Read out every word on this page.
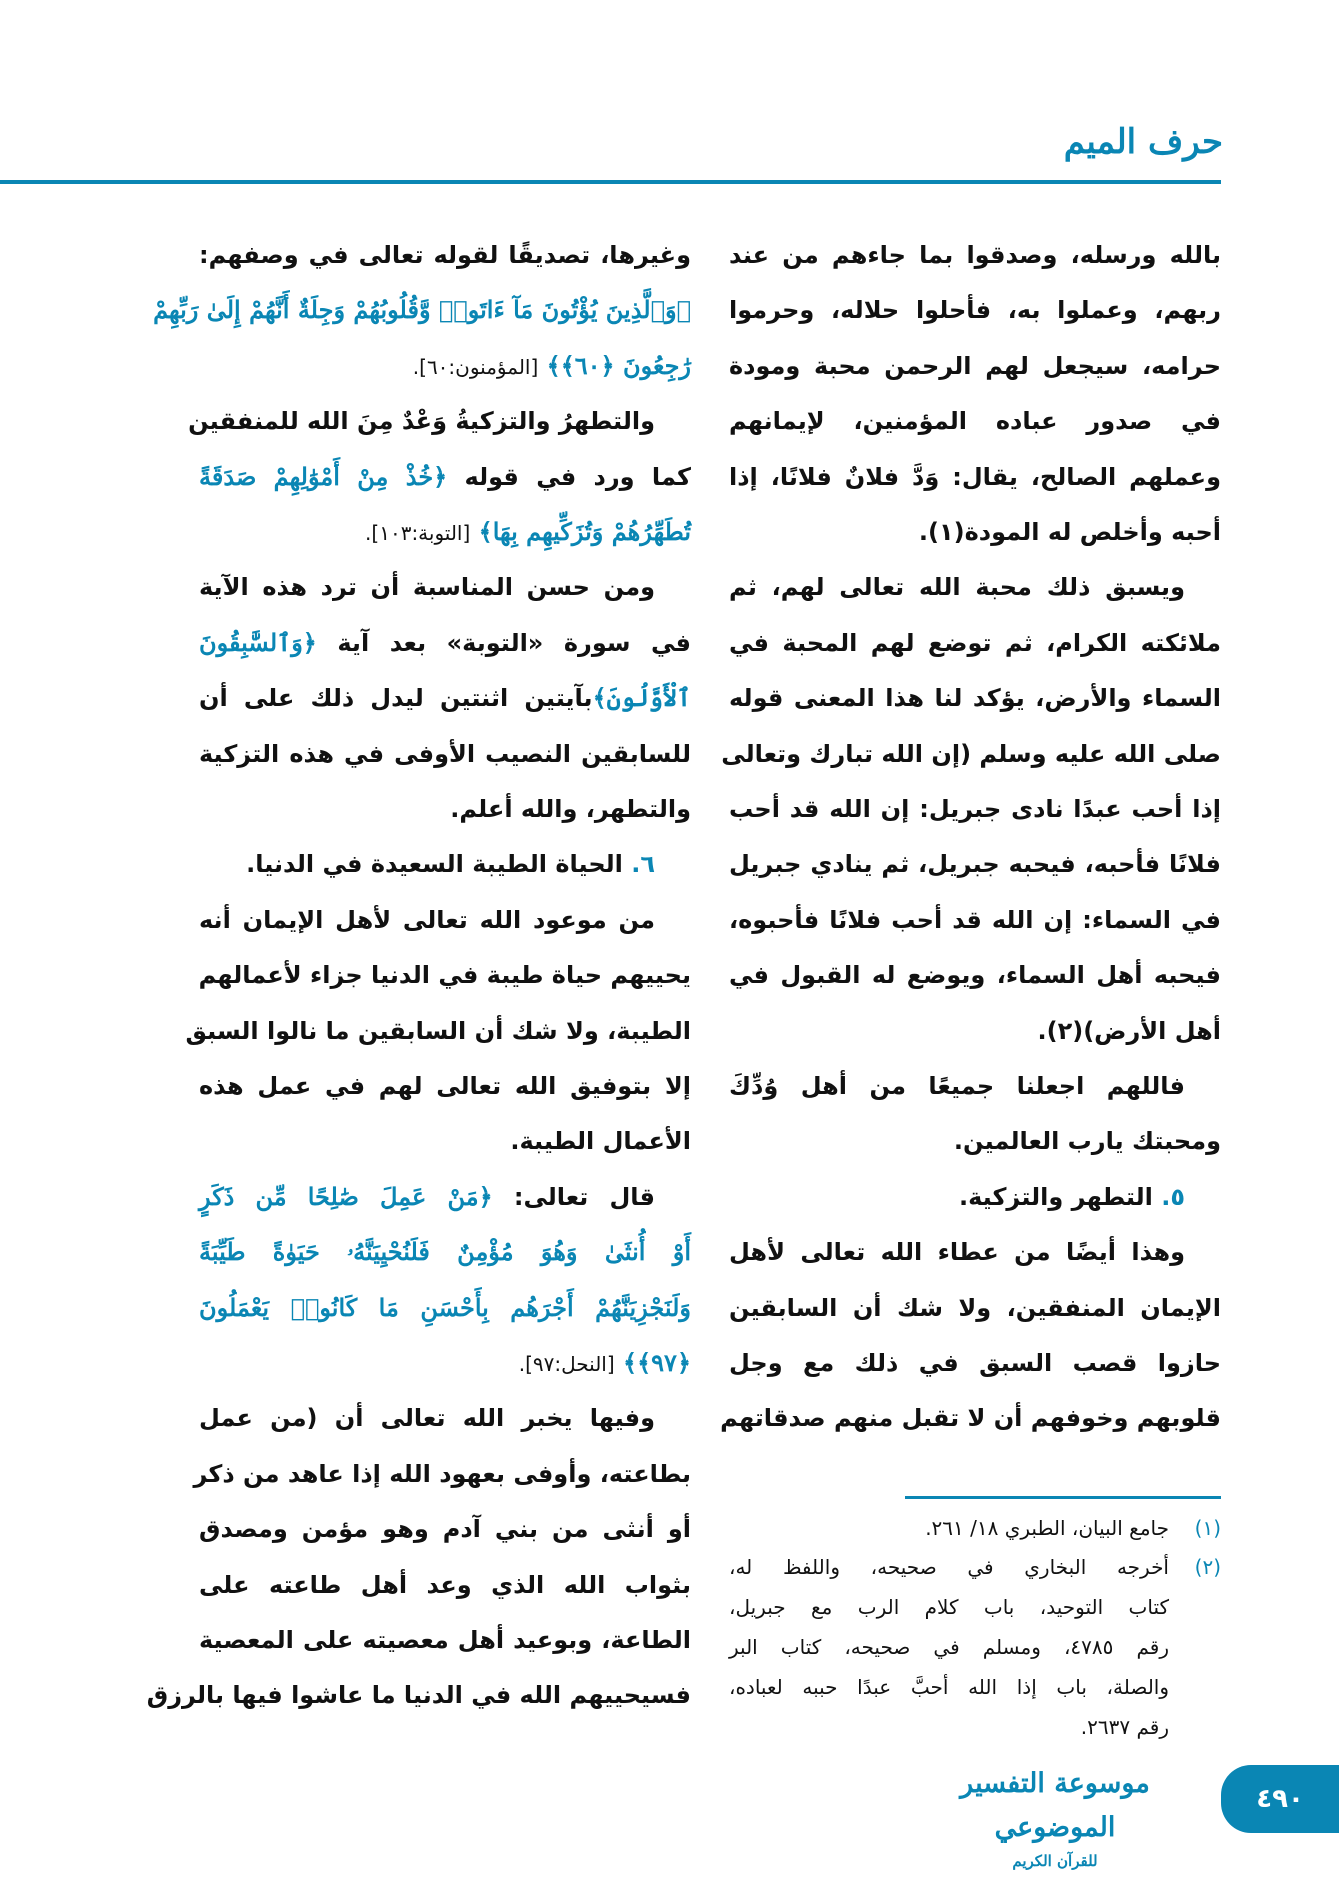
حرف الميم
بالله ورسله، وصدقوا بما جاءهم من عند
ربهم، وعملوا به، فأحلوا حلاله، وحرموا
حرامه، سيجعل لهم الرحمن محبة ومودة
في صدور عباده المؤمنين، لإيمانهم
وعملهم الصالح، يقال: وَدَّ فلانٌ فلانًا، إذا
أحبه وأخلص له المودة(١).
ويسبق ذلك محبة الله تعالى لهم، ثم
ملائكته الكرام، ثم توضع لهم المحبة في
السماء والأرض، يؤكد لنا هذا المعنى قوله
صلى الله عليه وسلم (إن الله تبارك وتعالى
إذا أحب عبدًا نادى جبريل: إن الله قد أحب
فلانًا فأحبه، فيحبه جبريل، ثم ينادي جبريل
في السماء: إن الله قد أحب فلانًا فأحبوه،
فيحبه أهل السماء، ويوضع له القبول في
أهل الأرض)(٢).
فاللهم اجعلنا جميعًا من أهل وُدِّكَ
ومحبتك يارب العالمين.
٥. التطهر والتزكية.
وهذا أيضًا من عطاء الله تعالى لأهل
الإيمان المنفقين، ولا شك أن السابقين
حازوا قصب السبق في ذلك مع وجل
قلوبهم وخوفهم أن لا تقبل منهم صدقاتهم
وغيرها، تصديقًا لقوله تعالى في وصفهم:
﴿وَٱلَّذِينَ يُؤْتُونَ مَآ ءَاتَوا۟ وَّقُلُوبُهُمْ وَجِلَةٌ أَنَّهُمْ إِلَىٰ رَبِّهِمْ
رَٰجِعُونَ ﴿٦٠﴾﴾ [المؤمنون:٦٠].
والتطهرُ والتزكيةُ وَعْدٌ مِنَ الله للمنفقين
كما ورد في قوله ﴿خُذْ مِنْ أَمْوَٰلِهِمْ صَدَقَةً
تُطَهِّرُهُمْ وَتُزَكِّيهِم بِهَا﴾ [التوبة:١٠٣].
ومن حسن المناسبة أن ترد هذه الآية
في سورة «التوبة» بعد آية ﴿وَٱلسَّٰبِقُونَ
ٱلْأَوَّلُونَ﴾بآيتين اثنتين ليدل ذلك على أن
للسابقين النصيب الأوفى في هذه التزكية
والتطهر، والله أعلم.
٦. الحياة الطيبة السعيدة في الدنيا.
من موعود الله تعالى لأهل الإيمان أنه
يحييهم حياة طيبة في الدنيا جزاء لأعمالهم
الطيبة، ولا شك أن السابقين ما نالوا السبق
إلا بتوفيق الله تعالى لهم في عمل هذه
الأعمال الطيبة.
قال تعالى: ﴿مَنْ عَمِلَ صَٰلِحًا مِّن ذَكَرٍ
أَوْ أُنثَىٰ وَهُوَ مُؤْمِنٌ فَلَنُحْيِيَنَّهُۥ حَيَوٰةً طَيِّبَةً
وَلَنَجْزِيَنَّهُمْ أَجْرَهُم بِأَحْسَنِ مَا كَانُوا۟ يَعْمَلُونَ
﴿٩٧﴾﴾ [النحل:٩٧].
وفيها يخبر الله تعالى أن (من عمل
بطاعته، وأوفى بعهود الله إذا عاهد من ذكر
أو أنثى من بني آدم وهو مؤمن ومصدق
بثواب الله الذي وعد أهل طاعته على
الطاعة، وبوعيد أهل معصيته على المعصية
فسيحييهم الله في الدنيا ما عاشوا فيها بالرزق
(١)
جامع البيان، الطبري ١٨/ ٢٦١.
(٢)
أخرجه البخاري في صحيحه، واللفظ له،
كتاب التوحيد، باب كلام الرب مع جبريل،
رقم ٤٧٨٥، ومسلم في صحيحه، كتاب البر
والصلة، باب إذا الله أحبَّ عبدًا حببه لعباده،
رقم ٢٦٣٧.
موسوعة التفسير الموضوعي
للقرآن الكريم
٤٩٠
